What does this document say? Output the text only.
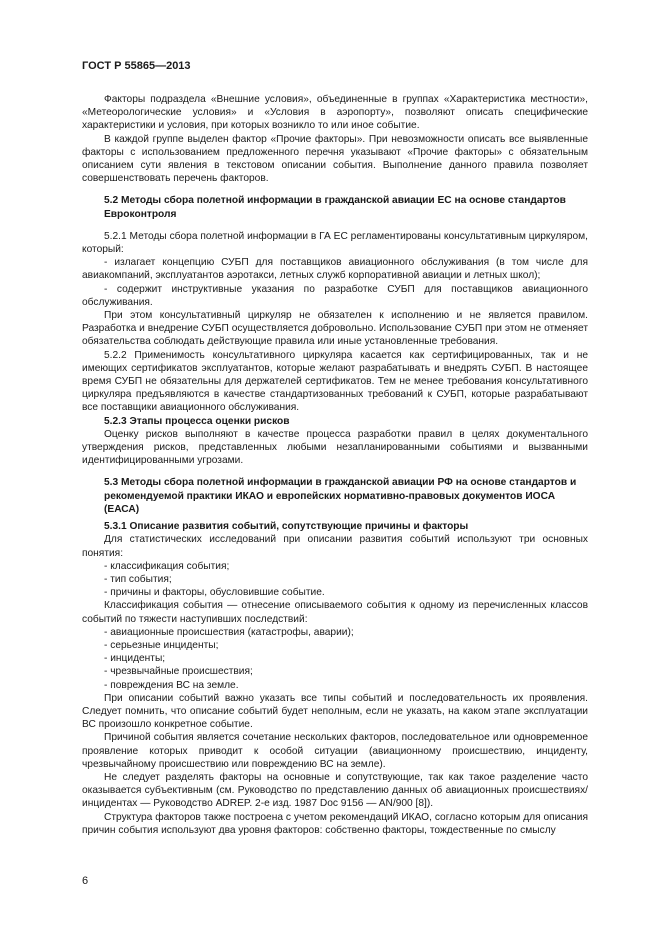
ГОСТ Р 55865—2013

Факторы подраздела «Внешние условия», объединенные в группах «Характеристика местности», «Метеорологические условия» и «Условия в аэропорту», позволяют описать специфические характеристики и условия, при которых возникло то или иное событие.

В каждой группе выделен фактор «Прочие факторы». При невозможности описать все выявленные факторы с использованием предложенного перечня указывают «Прочие факторы» с обязательным описанием сути явления в текстовом описании события. Выполнение данного правила позволяет совершенствовать перечень факторов.

5.2 Методы сбора полетной информации в гражданской авиации ЕС на основе стандартов Евроконтроля

5.2.1 Методы сбора полетной информации в ГА ЕС регламентированы консультативным циркуляром, который:

- излагает концепцию СУБП для поставщиков авиационного обслуживания (в том числе для авиакомпаний, эксплуатантов аэротакси, летных служб корпоративной авиации и летных школ);

- содержит инструктивные указания по разработке СУБП для поставщиков авиационного обслуживания.

При этом консультативный циркуляр не обязателен к исполнению и не является правилом. Разработка и внедрение СУБП осуществляется добровольно. Использование СУБП при этом не отменяет обязательства соблюдать действующие правила или иные установленные требования.

5.2.2 Применимость консультативного циркуляра касается как сертифицированных, так и не имеющих сертификатов эксплуатантов, которые желают разрабатывать и внедрять СУБП. В настоящее время СУБП не обязательны для держателей сертификатов. Тем не менее требования консультативного циркуляра предъявляются в качестве стандартизованных требований к СУБП, которые разрабатывают все поставщики авиационного обслуживания.

5.2.3 Этапы процесса оценки рисков

Оценку рисков выполняют в качестве процесса разработки правил в целях документального утверждения рисков, представленных любыми незапланированными событиями и вызванными идентифицированными угрозами.

5.3 Методы сбора полетной информации в гражданской авиации РФ на основе стандартов и рекомендуемой практики ИКАО и европейских нормативно-правовых документов ИОСА (ЕАСА)
5.3.1 Описание развития событий, сопутствующие причины и факторы

Для статистических исследований при описании развития событий используют три основных понятия:

- классификация события;

- тип события;

- причины и факторы, обусловившие событие.

Классификация события — отнесение описываемого события к одному из перечисленных классов событий по тяжести наступивших последствий:

- авиационные происшествия (катастрофы, аварии);

- серьезные инциденты;

- инциденты;

- чрезвычайные происшествия;

- повреждения ВС на земле.

При описании событий важно указать все типы событий и последовательность их проявления. Следует помнить, что описание событий будет неполным, если не указать, на каком этапе эксплуатации ВС произошло конкретное событие.

Причиной события является сочетание нескольких факторов, последовательное или одновременное проявление которых приводит к особой ситуации (авиационному происшествию, инциденту, чрезвычайному происшествию или повреждению ВС на земле).

Не следует разделять факторы на основные и сопутствующие, так как такое разделение часто оказывается субъективным (см. Руководство по представлению данных об авиационных происшествиях/инцидентах — Руководство ADREP. 2-е изд. 1987 Doc 9156 — AN/900 [8]).

Структура факторов также построена с учетом рекомендаций ИКАО, согласно которым для описания причин события используют два уровня факторов: собственно факторы, тождественные по смыслу

6
